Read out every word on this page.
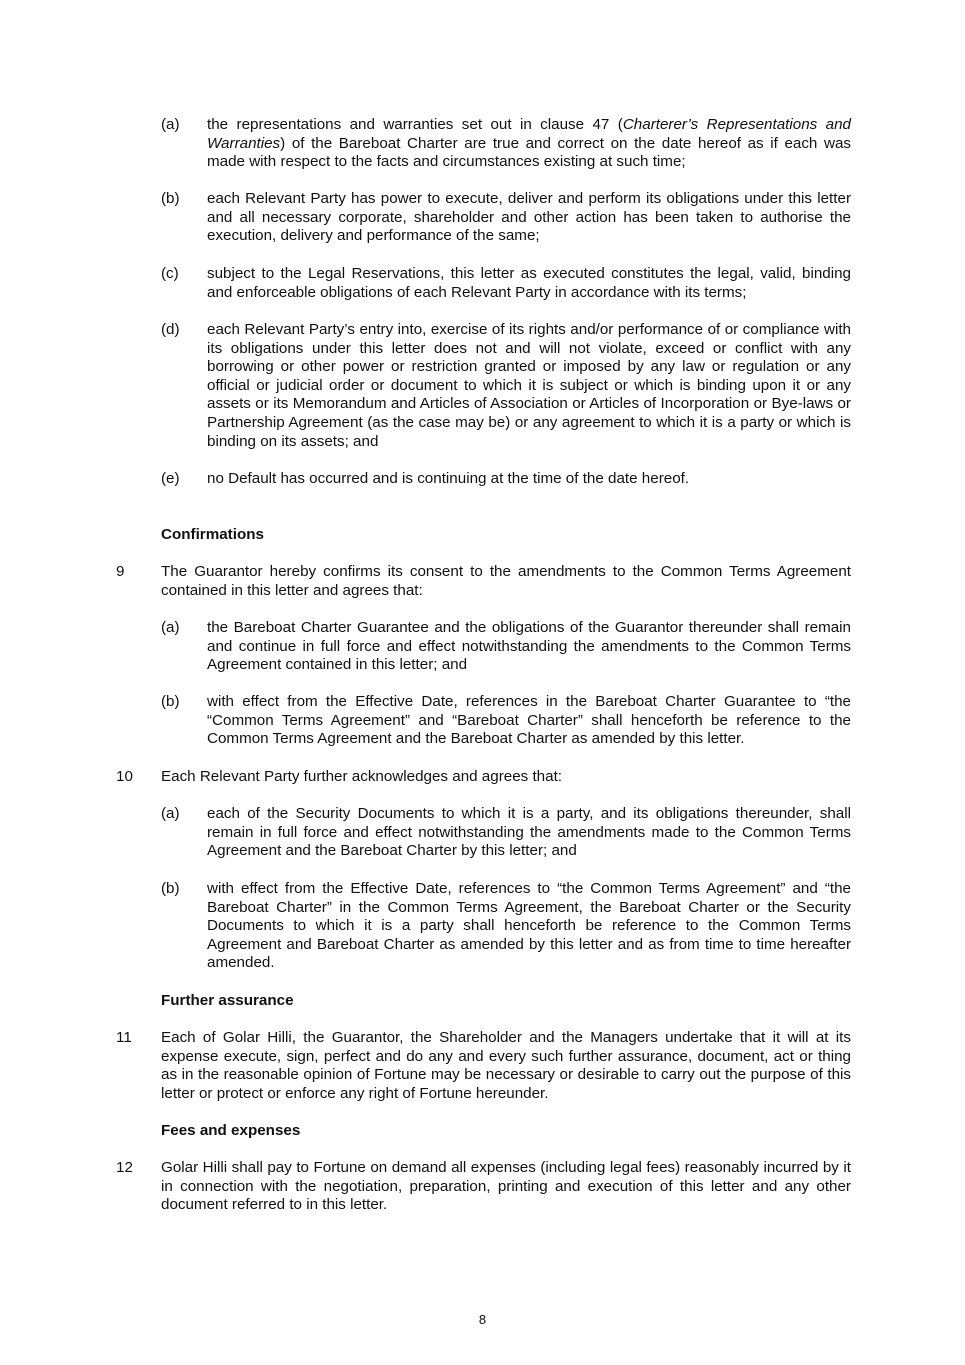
(a) the representations and warranties set out in clause 47 (Charterer’s Representations and Warranties) of the Bareboat Charter are true and correct on the date hereof as if each was made with respect to the facts and circumstances existing at such time;
(b) each Relevant Party has power to execute, deliver and perform its obligations under this letter and all necessary corporate, shareholder and other action has been taken to authorise the execution, delivery and performance of the same;
(c) subject to the Legal Reservations, this letter as executed constitutes the legal, valid, binding and enforceable obligations of each Relevant Party in accordance with its terms;
(d) each Relevant Party’s entry into, exercise of its rights and/or performance of or compliance with its obligations under this letter does not and will not violate, exceed or conflict with any borrowing or other power or restriction granted or imposed by any law or regulation or any official or judicial order or document to which it is subject or which is binding upon it or any assets or its Memorandum and Articles of Association or Articles of Incorporation or Bye-laws or Partnership Agreement (as the case may be) or any agreement to which it is a party or which is binding on its assets; and
(e) no Default has occurred and is continuing at the time of the date hereof.
Confirmations
9 The Guarantor hereby confirms its consent to the amendments to the Common Terms Agreement contained in this letter and agrees that:
(a) the Bareboat Charter Guarantee and the obligations of the Guarantor thereunder shall remain and continue in full force and effect notwithstanding the amendments to the Common Terms Agreement contained in this letter; and
(b) with effect from the Effective Date, references in the Bareboat Charter Guarantee to “the “Common Terms Agreement” and “Bareboat Charter” shall henceforth be reference to the Common Terms Agreement and the Bareboat Charter as amended by this letter.
10 Each Relevant Party further acknowledges and agrees that:
(a) each of the Security Documents to which it is a party, and its obligations thereunder, shall remain in full force and effect notwithstanding the amendments made to the Common Terms Agreement and the Bareboat Charter by this letter; and
(b) with effect from the Effective Date, references to “the Common Terms Agreement” and “the Bareboat Charter” in the Common Terms Agreement, the Bareboat Charter or the Security Documents to which it is a party shall henceforth be reference to the Common Terms Agreement and Bareboat Charter as amended by this letter and as from time to time hereafter amended.
Further assurance
11 Each of Golar Hilli, the Guarantor, the Shareholder and the Managers undertake that it will at its expense execute, sign, perfect and do any and every such further assurance, document, act or thing as in the reasonable opinion of Fortune may be necessary or desirable to carry out the purpose of this letter or protect or enforce any right of Fortune hereunder.
Fees and expenses
12 Golar Hilli shall pay to Fortune on demand all expenses (including legal fees) reasonably incurred by it in connection with the negotiation, preparation, printing and execution of this letter and any other document referred to in this letter.
8
